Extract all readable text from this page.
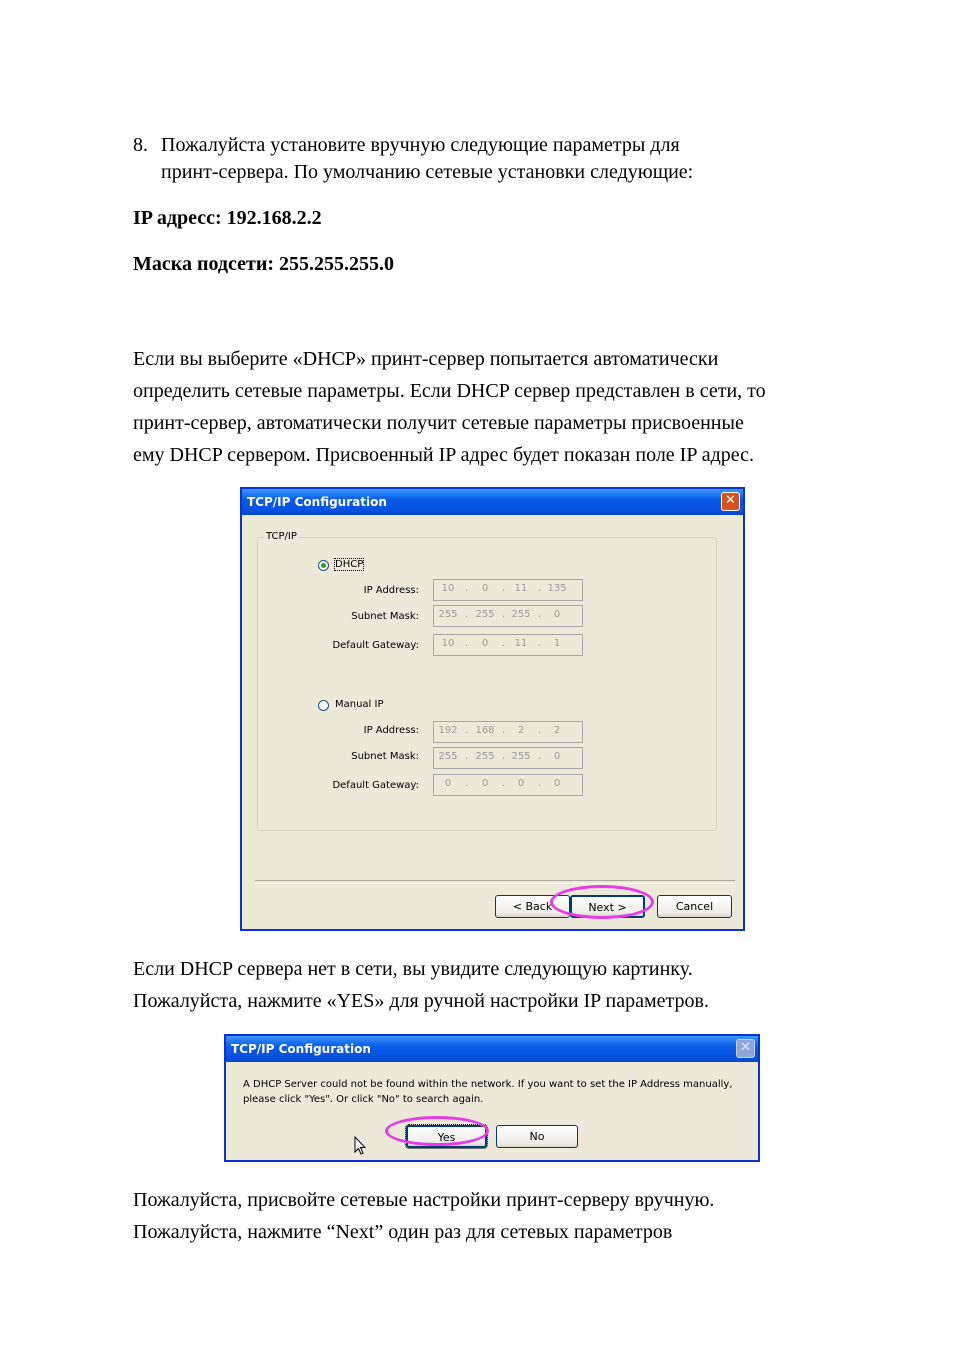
8. Пожалуйста установите вручную следующие параметры для
принт-сервера. По умолчанию сетевые установки следующие:

IP адресс: 192.168.2.2

Маска подсети: 255.255.255.0

Если вы выберите «DHCP» принт-сервер попытается автоматически

определить сетевые параметры. Если DHCP сервер представлен в сети, то

принт-сервер, автоматически получит сетевые параметры присвоенные

ему DHCP сервером. Присвоенный IP адрес будет показан поле IP адрес.

TCP/IP Configuration	✕
TCP/IP
DHCP
IP Address:	10	.	0	. 11	. 135
Subnet Mask: 255 . 255 . 255 .	0
Default Gateway:	10	.	0	. 11	.	1
Manual IP
IP Address: 192 . 168 .	2	.	2
Subnet Mask: 255 . 255 . 255 .	0
Default Gateway:	0	.	0	.	0	.	0
< Back	Next >	Cancel

Если DHCP сервера нет в сети, вы увидите следующую картинку.

Пожалуйста, нажмите «YES» для ручной настройки IP параметров.

TCP/IP Configuration	✕
A DHCP Server could not be found within the network. If you want to set the IP Address manually,
please click "Yes". Or click "No" to search again.
Yes	No

Пожалуйста, присвойте сетевые настройки принт-серверу вручную.

Пожалуйста, нажмите “Next” один раз для сетевых параметров
